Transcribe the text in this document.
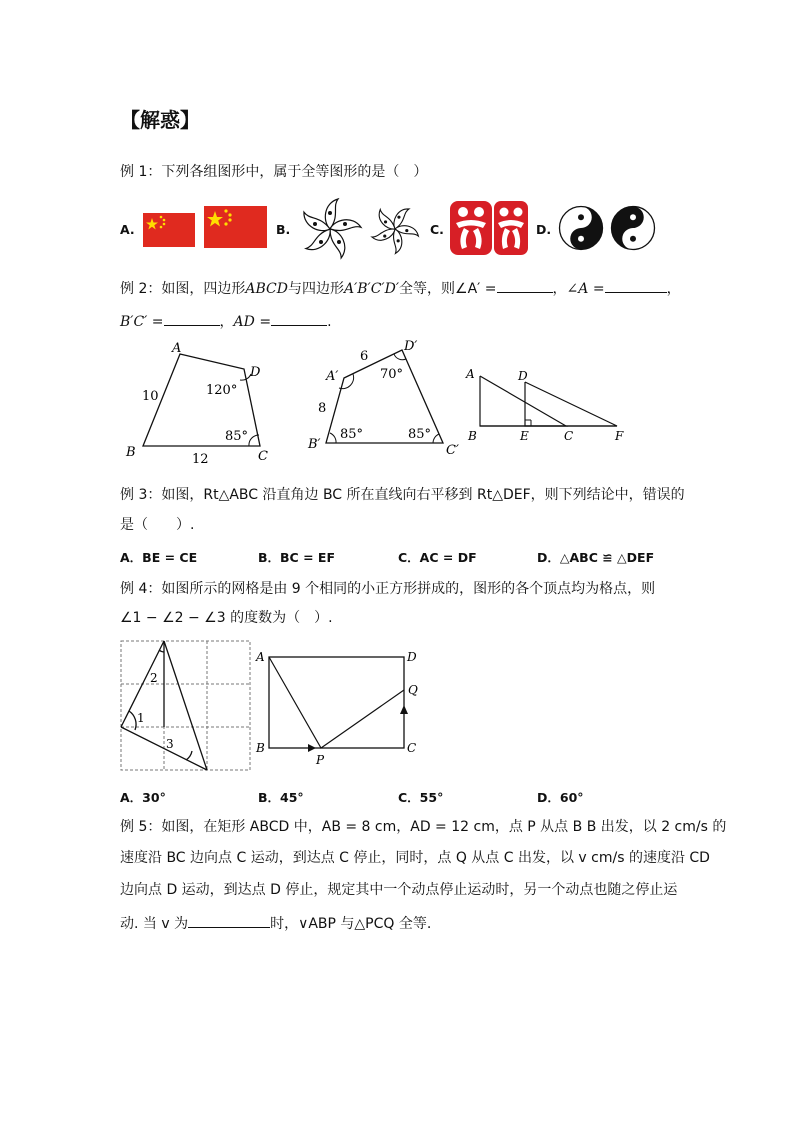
【解惑】
例 1：下列各组图形中，属于全等图形的是（　）
A.	B.	C.	D.
例 2：如图，四边形ABCD与四边形A′B′C′D′全等，则∠A′ =	，∠A =	，
B′C′ =	，AD =	.
A
D
B	C
10
12
120°
85°
A′
D′
B′	C′
6
8
70°
85°	85°
A	D
B	E	C	F
例 3：如图，Rt△ABC 沿直角边 BC 所在直线向右平移到 Rt△DEF，则下列结论中，错误的
是（　　）.
A．BE = CE	B．BC = EF	C．AC = DF	D．△ABC ≌ △DEF
例 4：如图所示的网格是由 9 个相同的小正方形拼成的，图形的各个顶点均为格点，则
∠1 − ∠2 − ∠3 的度数为（　）.
2
1
3
A	D
B	C
P
Q
A．30°	B．45°	C．55°	D．60°
例 5：如图，在矩形 ABCD 中，AB = 8 cm，AD = 12 cm，点 P 从点 B B 出发，以 2 cm/s 的
速度沿 BC 边向点 C 运动，到达点 C 停止，同时，点 Q 从点 C 出发，以 v cm/s 的速度沿 CD
边向点 D 运动，到达点 D 停止，规定其中一个动点停止运动时，另一个动点也随之停止运
动. 当 v 为	时，∨ABP 与△PCQ 全等.
